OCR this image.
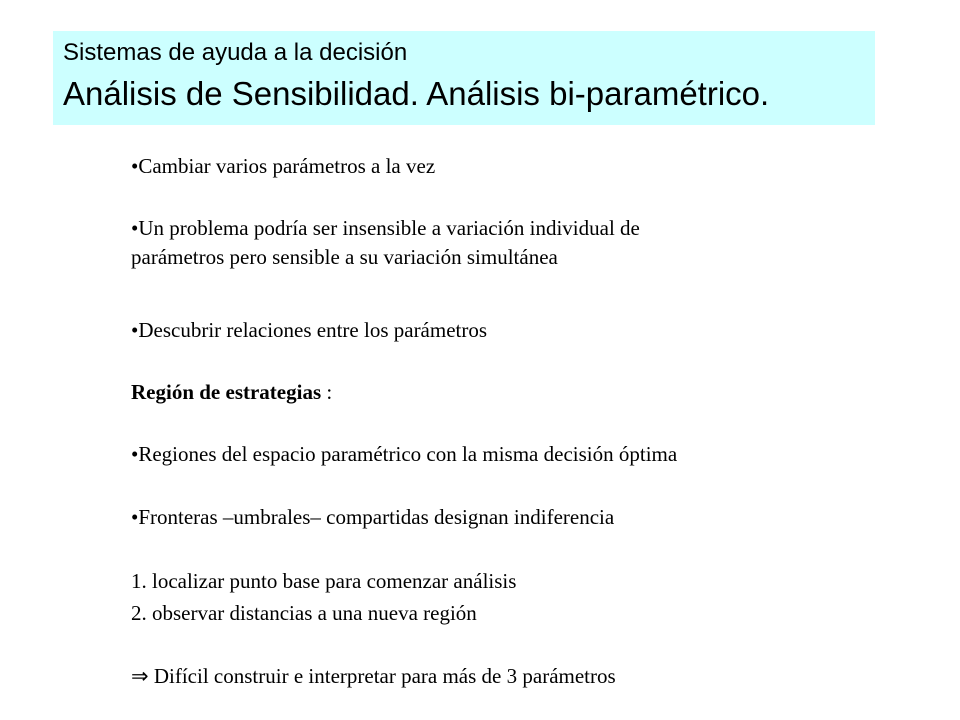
Sistemas de ayuda a la decisión
Análisis de Sensibilidad. Análisis bi-paramétrico.
•Cambiar varios parámetros a la vez
•Un problema podría ser insensible a variación individual de
parámetros pero sensible a su variación simultánea
•Descubrir relaciones entre los parámetros
Región de estrategias :
•Regiones del espacio paramétrico con la misma decisión óptima
•Fronteras –umbrales– compartidas designan indiferencia
1. localizar punto base para comenzar análisis
2. observar distancias a una nueva región
⇒ Difícil construir e interpretar para más de 3 parámetros
